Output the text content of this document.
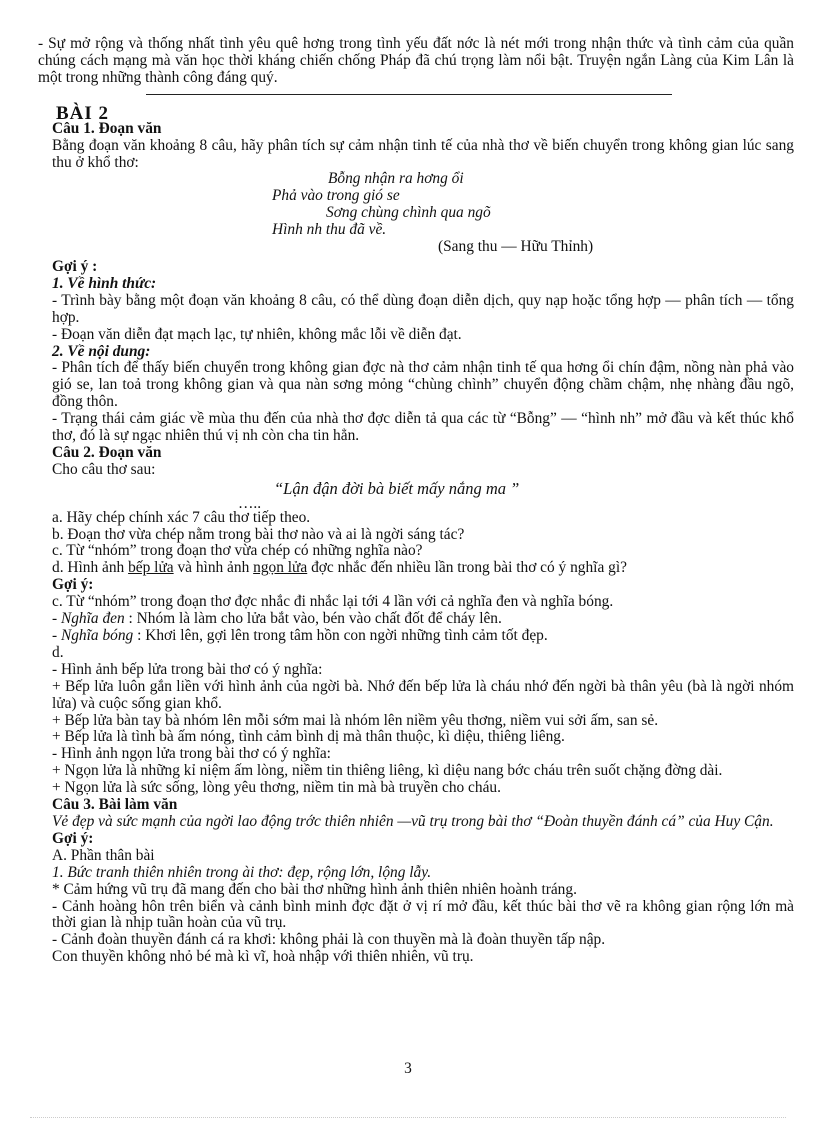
- Sự mở rộng và thống nhất tình yêu quê hơng trong tình yếu đất nớc là nét mới trong nhận thức và tình cảm của quần chúng cách mạng mà văn học thời kháng chiến chống Pháp đã chú trọng làm nổi bật. Truyện ngắn Làng của Kim Lân là một trong những thành công đáng quý.

BÀI 2

Câu 1. Đoạn văn

Bằng đoạn văn khoảng 8 câu, hãy phân tích sự cảm nhận tinh tế của nhà thơ về biến chuyển trong không gian lúc sang thu ở khổ thơ:

Bỗng nhận ra hơng ổi
Phả vào trong gió se
Sơng chùng chình qua ngõ
Hình nh thu đã về.
(Sang thu — Hữu Thỉnh)

Gợi ý :

1. Về hình thức:

- Trình bày bằng một đoạn văn khoảng 8 câu, có thể dùng đoạn diễn dịch, quy nạp hoặc tổng hợp — phân tích — tổng hợp.

- Đoạn văn diễn đạt mạch lạc, tự nhiên, không mắc lỗi về diễn đạt.

2. Về nội dung:

- Phân tích để thấy biến chuyển trong không gian đợc nà thơ cảm nhận tinh tế qua hơng ổi chín đậm, nồng nàn phả vào gió se, lan toả trong không gian và qua nàn sơng mỏng “chùng chình” chuyển động chầm chậm, nhẹ nhàng đầu ngõ, đồng thôn.

- Trạng thái cảm giác về mùa thu đến của nhà thơ đợc diễn tả qua các từ “Bỗng” — “hình nh” mở đầu và kết thúc khổ thơ, đó là sự ngạc nhiên thú vị nh còn cha tin hẳn.

Câu 2. Đoạn văn

Cho câu thơ sau:

“Lận đận đời bà biết mấy nắng ma ”
…..

a. Hãy chép chính xác 7 câu thơ tiếp theo.

b. Đoạn thơ vừa chép nằm trong bài thơ nào và ai là ngời sáng tác?

c. Từ “nhóm” trong đoạn thơ vừa chép có những nghĩa nào?

d. Hình ảnh bếp lửa và hình ảnh ngọn lửa đợc nhắc đến nhiều lần trong bài thơ có ý nghĩa gì?

Gợi ý:

c. Từ “nhóm” trong đoạn thơ đợc nhắc đi nhắc lại tới 4 lần với cả nghĩa đen và nghĩa bóng.

- Nghĩa đen : Nhóm là làm cho lửa bắt vào, bén vào chất đốt để cháy lên.

- Nghĩa bóng : Khơi lên, gợi lên trong tâm hồn con ngời những tình cảm tốt đẹp.

d.

- Hình ảnh bếp lửa trong bài thơ có ý nghĩa:

+ Bếp lửa luôn gắn liền với hình ảnh của ngời bà. Nhớ đến bếp lửa là cháu nhớ đến ngời bà thân yêu (bà là ngời nhóm lửa) và cuộc sống gian khổ.

+ Bếp lửa bàn tay bà nhóm lên mỗi sớm mai là nhóm lên niềm yêu thơng, niềm vui sởi ấm, san sẻ.

+ Bếp lửa là tình bà ấm nóng, tình cảm bình dị mà thân thuộc, kì diệu, thiêng liêng.

- Hình ảnh ngọn lửa trong bài thơ có ý nghĩa:

+ Ngọn lửa là những kỉ niệm ấm lòng, niềm tin thiêng liêng, kì diệu nang bớc cháu trên suốt chặng đờng dài.

+ Ngọn lửa là sức sống, lòng yêu thơng, niềm tin mà bà truyền cho cháu.

Câu 3. Bài làm văn

Vẻ đẹp và sức mạnh của ngời lao động trớc thiên nhiên —vũ trụ trong bài thơ “Đoàn thuyền đánh cá” của Huy Cận.

Gợi ý:

A. Phần thân bài

1. Bức tranh thiên nhiên trong ài thơ: đẹp, rộng lớn, lộng lẫy.

* Cảm hứng vũ trụ đã mang đến cho bài thơ những hình ảnh thiên nhiên hoành tráng.

- Cảnh hoàng hôn trên biển và cảnh bình minh đợc đặt ở vị rí mở đầu, kết thúc bài thơ vẽ ra không gian rộng lớn mà thời gian là nhịp tuần hoàn của vũ trụ.

- Cảnh đoàn thuyền đánh cá ra khơi: không phải là con thuyền mà là đoàn thuyền tấp nập.

Con thuyền không nhỏ bé mà kì vĩ, hoà nhập với thiên nhiên, vũ trụ.

3
